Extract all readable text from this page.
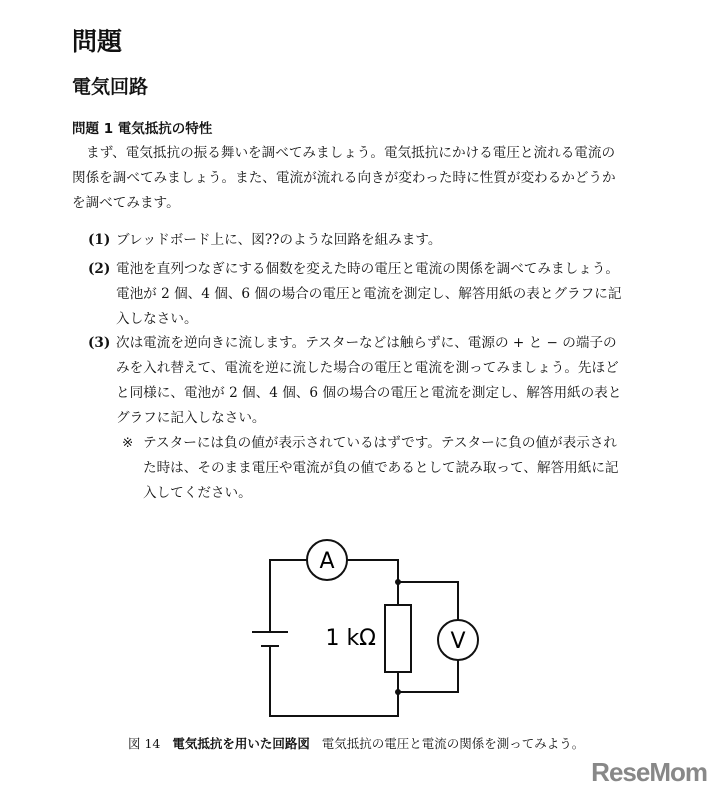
問題
電気回路
問題 1 電気抵抗の特性
まず、電気抵抗の振る舞いを調べてみましょう。電気抵抗にかける電圧と流れる電流の
関係を調べてみましょう。また、電流が流れる向きが変わった時に性質が変わるかどうか
を調べてみます。
(1) ブレッドボード上に、図??のような回路を組みます。
(2) 電池を直列つなぎにする個数を変えた時の電圧と電流の関係を調べてみましょう。
電池が 2 個、4 個、6 個の場合の電圧と電流を測定し、解答用紙の表とグラフに記
入しなさい。
(3) 次は電流を逆向きに流します。テスターなどは触らずに、電源の + と − の端子の
みを入れ替えて、電流を逆に流した場合の電圧と電流を測ってみましょう。先ほど
と同様に、電池が 2 個、4 個、6 個の場合の電圧と電流を測定し、解答用紙の表と
グラフに記入しなさい。
※ テスターには負の値が表示されているはずです。テスターに負の値が表示され
た時は、そのまま電圧や電流が負の値であるとして読み取って、解答用紙に記
入してください。
A
V
1 kΩ
図 14 電気抵抗を用いた回路図 電気抵抗の電圧と電流の関係を測ってみよう。
ReseMom
